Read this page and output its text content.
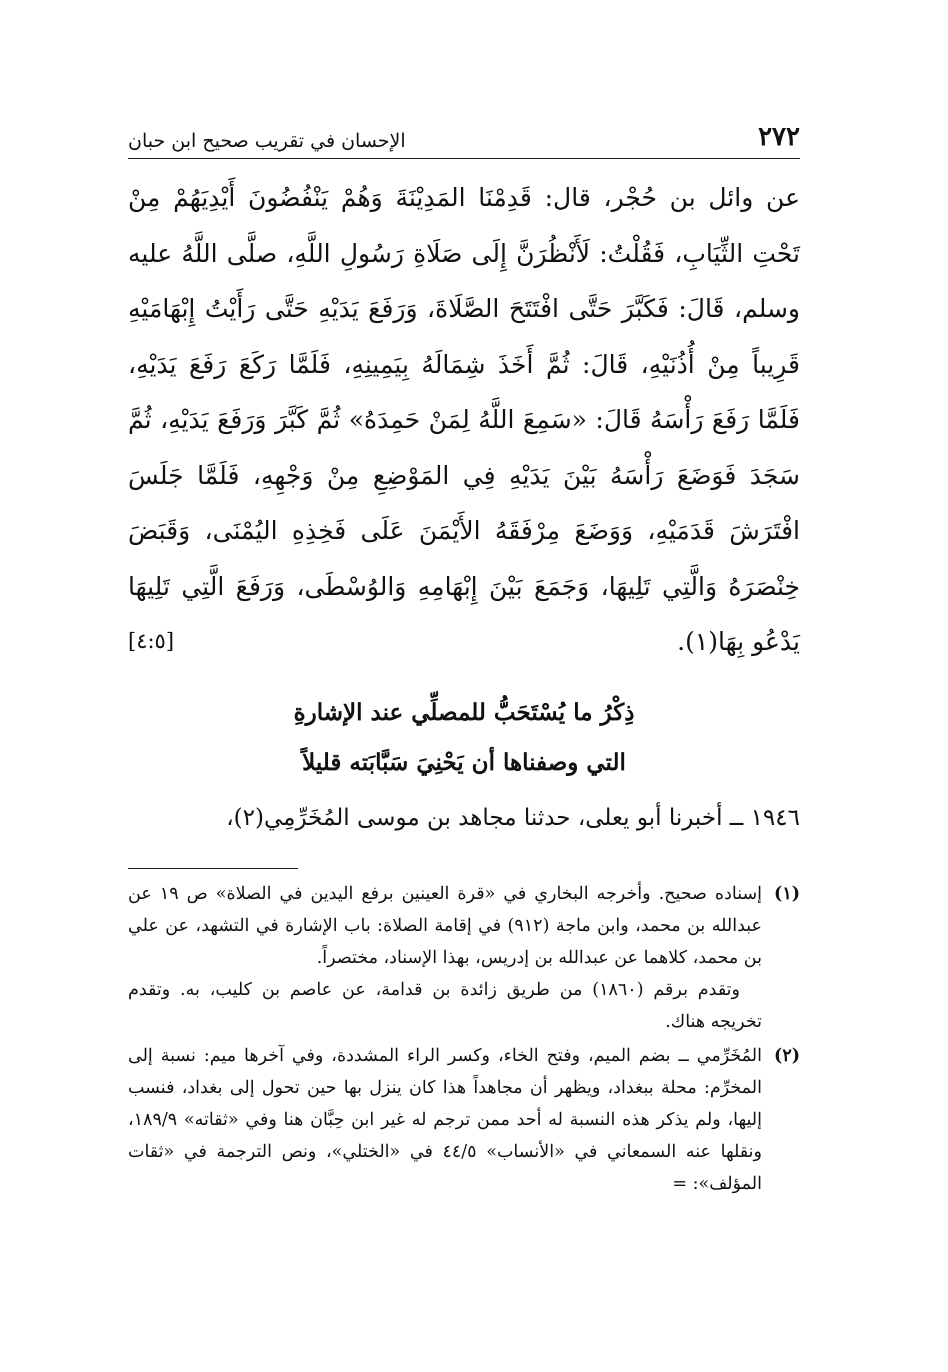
٢٧٢
الإحسان في تقريب صحيح ابن حبان
عن وائل بن حُجْر، قال: قَدِمْنَا المَدِيْنَةَ وَهُمْ يَنْفُضُونَ أَيْدِيَهُمْ مِنْ تَحْتِ الثِّيَابِ، فَقُلْتُ: لَأَنْظُرَنَّ إِلَى صَلَاةِ رَسُولِ اللَّهِ، صلَّى اللَّهُ عليه وسلم، قَالَ: فَكَبَّرَ حَتَّى افْتَتَحَ الصَّلَاةَ، وَرَفَعَ يَدَيْهِ حَتَّى رَأَيْتُ إِبْهَامَيْهِ قَرِيباً مِنْ أُذُنَيْهِ، قَالَ: ثُمَّ أَخَذَ شِمَالَهُ بِيَمِينِهِ، فَلَمَّا رَكَعَ رَفَعَ يَدَيْهِ، فَلَمَّا رَفَعَ رَأْسَهُ قَالَ: «سَمِعَ اللَّهُ لِمَنْ حَمِدَهُ» ثُمَّ كَبَّرَ وَرَفَعَ يَدَيْهِ، ثُمَّ سَجَدَ فَوَضَعَ رَأْسَهُ بَيْنَ يَدَيْهِ فِي المَوْضِعِ مِنْ وَجْهِهِ، فَلَمَّا جَلَسَ افْتَرَشَ قَدَمَيْهِ، وَوَضَعَ مِرْفَقَهُ الأَيْمَنَ عَلَى فَخِذِهِ اليُمْنَى، وَقَبَضَ خِنْصَرَهُ وَالَّتِي تَلِيهَا، وَجَمَعَ بَيْنَ إِبْهَامِهِ وَالوُسْطَى، وَرَفَعَ الَّتِي تَلِيهَا يَدْعُو بِهَا(١).
[٤:٥]
ذِكْرُ ما يُسْتَحَبُّ للمصلِّي عند الإشارةِ
التي وصفناها أن يَحْنِيَ سَبَّابَته قليلاً
١٩٤٦ ــ أخبرنا أبو يعلى، حدثنا مجاهد بن موسى المُخَرِّمِي(٢)،
(١)

إسناده صحيح. وأخرجه البخاري في «قرة العينين برفع اليدين في الصلاة» ص ١٩ عن عبدالله بن محمد، وابن ماجة (٩١٢) في إقامة الصلاة: باب الإشارة في التشهد، عن علي بن محمد، كلاهما عن عبدالله بن إدريس، بهذا الإسناد، مختصراً.

وتقدم برقم (١٨٦٠) من طريق زائدة بن قدامة، عن عاصم بن كليب، به. وتقدم تخريجه هناك.

(٢)

المُخَرِّمي ــ بضم الميم، وفتح الخاء، وكسر الراء المشددة، وفي آخرها ميم: نسبة إلى المخرِّم: محلة ببغداد، ويظهر أن مجاهداً هذا كان ينزل بها حين تحول إلى بغداد، فنسب إليها، ولم يذكر هذه النسبة له أحد ممن ترجم له غير ابن حِبَّان هنا وفي «ثقاته» ١٨٩/٩، ونقلها عنه السمعاني في «الأنساب» ٤٤/٥ في «الختلي»، ونص الترجمة في «ثقات المؤلف»: =
